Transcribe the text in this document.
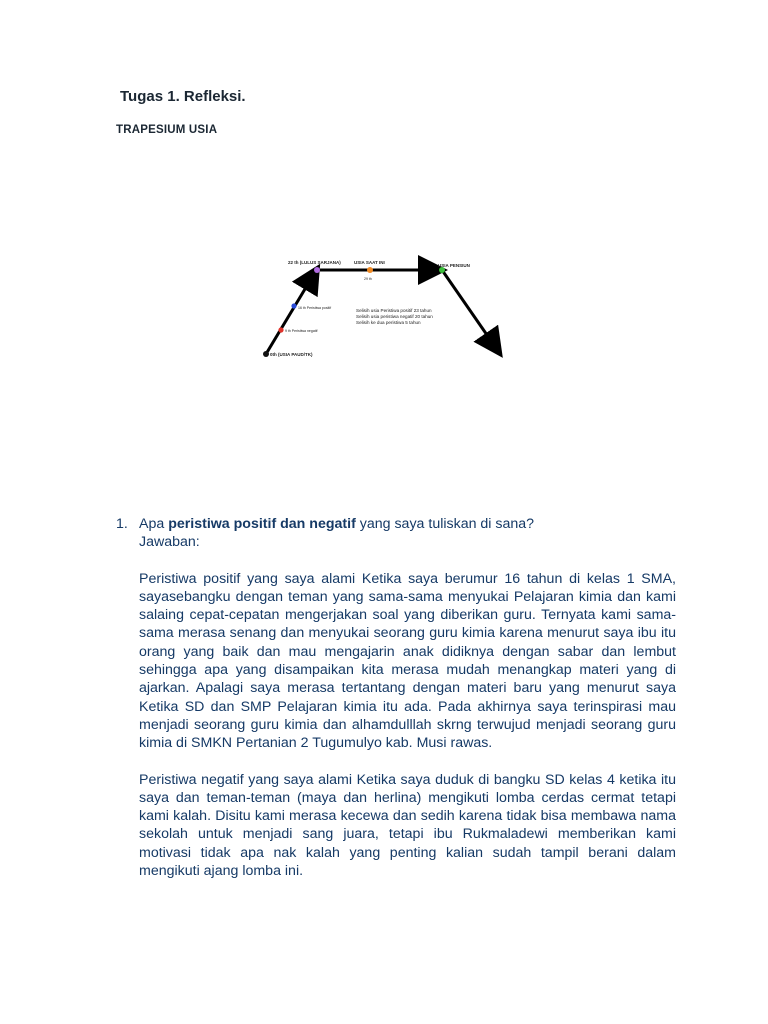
Tugas 1. Refleksi.
TRAPESIUM USIA
0th (USIA PAUD/TK)
9 th Peristiwa negatif
16 th Peristiwa positif
22 th (LULUS SARJANA)	USIA SAAT INI
29 th
USIA PENSIUN
Selisih usia Peristiwa positif 23 tahun
Selisih usia peristiwa negatif 20 tahun
Selisih ke dua peristiwa 5 tahun
1. Apa peristiwa positif dan negatif yang saya tuliskan di sana?
Jawaban:
Peristiwa positif yang saya alami Ketika saya berumur 16 tahun di kelas 1 SMA, sayasebangku dengan teman yang sama-sama menyukai Pelajaran kimia dan kami salaing cepat-cepatan mengerjakan soal yang diberikan guru. Ternyata kami sama-sama merasa senang dan menyukai seorang guru kimia karena menurut saya ibu itu orang yang baik dan mau mengajarin anak didiknya dengan sabar dan lembut sehingga apa yang disampaikan kita merasa mudah menangkap materi yang di ajarkan. Apalagi saya merasa tertantang dengan materi baru yang menurut saya Ketika SD dan SMP Pelajaran kimia itu ada. Pada akhirnya saya terinspirasi mau menjadi seorang guru kimia dan alhamdulllah skrng terwujud menjadi seorang guru kimia di SMKN Pertanian 2 Tugumulyo kab. Musi rawas.
Peristiwa negatif yang saya alami Ketika saya duduk di bangku SD kelas 4 ketika itu saya dan teman-teman (maya dan herlina) mengikuti lomba cerdas cermat tetapi kami kalah. Disitu kami merasa kecewa dan sedih karena tidak bisa membawa nama sekolah untuk menjadi sang juara, tetapi ibu Rukmaladewi memberikan kami motivasi tidak apa nak kalah yang penting kalian sudah tampil berani dalam mengikuti ajang lomba ini.
